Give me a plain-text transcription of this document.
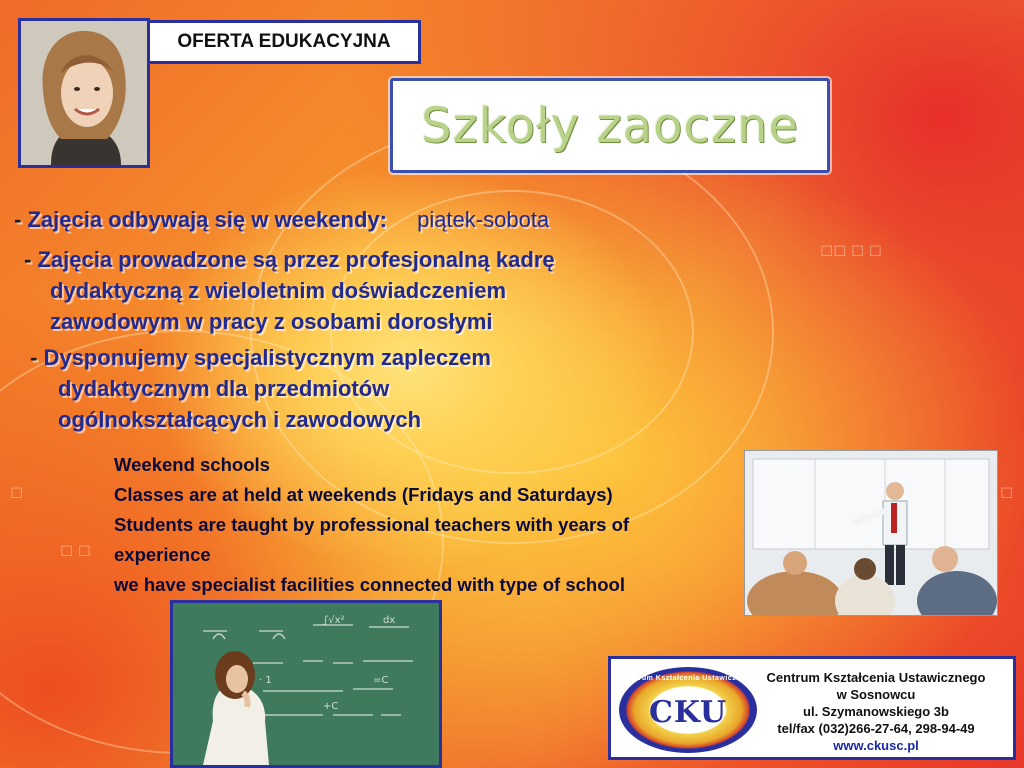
◻◻ ◻ ◻
◻ ◻
◻
◻
OFERTA EDUKACYJNA
Szkoły zaoczne
- Zajęcia odbywają się w weekendy: piątek-sobota
- Zajęcia prowadzone są przez profesjonalną kadrę
dydaktyczną z wieloletnim doświadczeniem
zawodowym w pracy z osobami dorosłymi
- Dysponujemy specjalistycznym zapleczem
dydaktycznym dla przedmiotów
ogólnokształcących i zawodowych
Weekend schools
Classes are at held at weekends (Fridays and Saturdays)
Students are taught by professional teachers with years of
experience
we have specialist facilities connected with type of school
∫√x²	dx
· 1	=C
+C
Centrum Kształcenia Ustawicznego
CKU
Centrum Kształcenia Ustawicznego
w Sosnowcu
ul. Szymanowskiego 3b
tel/fax (032)266-27-64, 298-94-49
www.ckusc.pl
